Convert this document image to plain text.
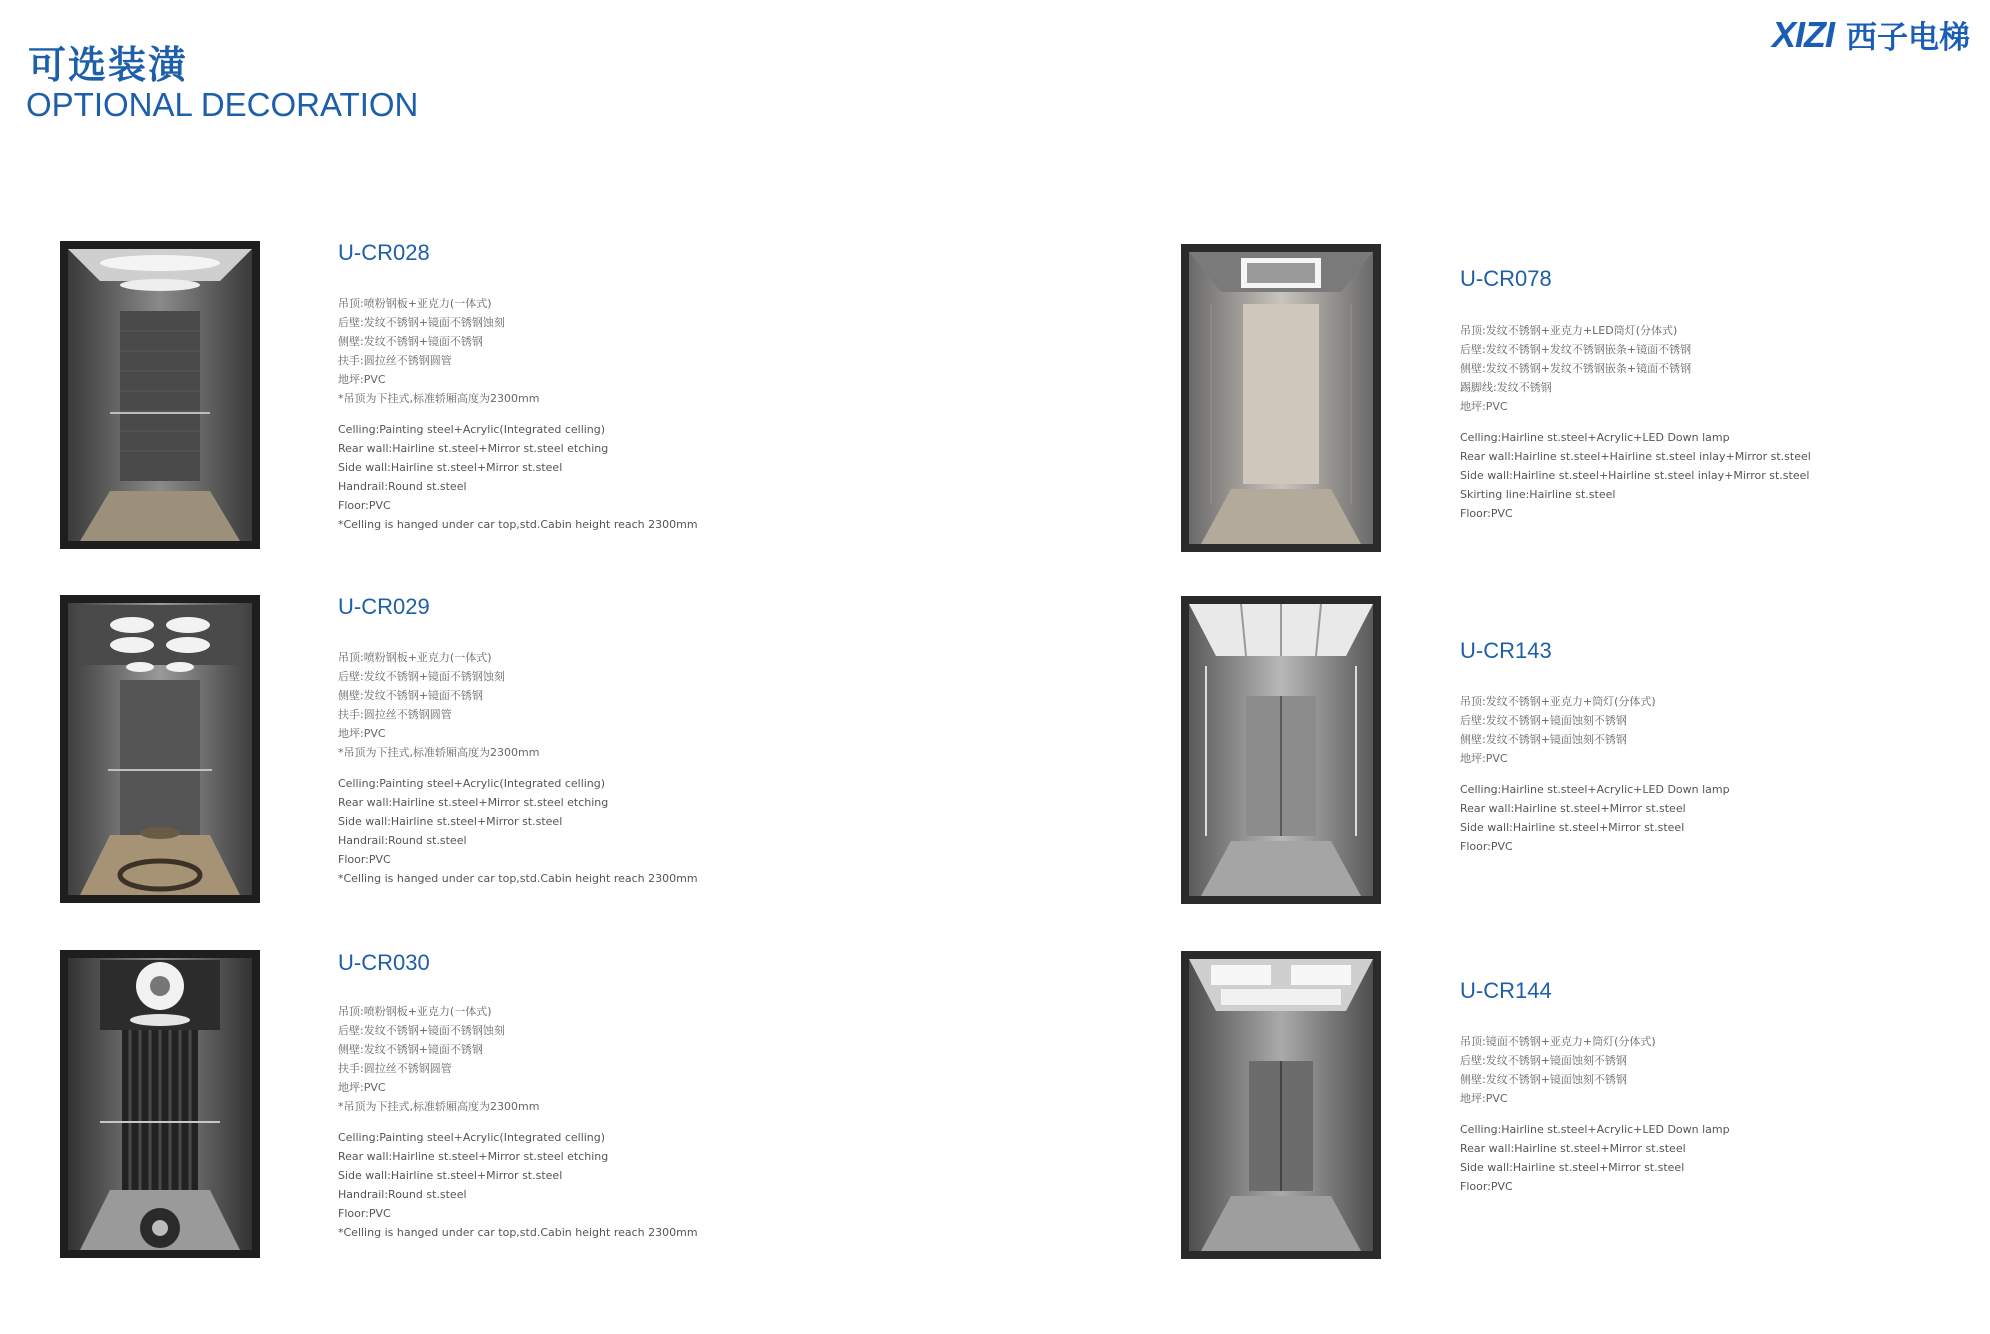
可选装潢
OPTIONAL DECORATION
XIZI 西子电梯
U-CR028
吊顶:喷粉钢板+亚克力(一体式)
后壁:发纹不锈钢+镜面不锈钢蚀刻
侧壁:发纹不锈钢+镜面不锈钢
扶手:圆拉丝不锈钢圆管
地坪:PVC
*吊顶为下挂式,标准轿厢高度为2300mm
Celling:Painting steel+Acrylic(Integrated celling)
Rear wall:Hairline st.steel+Mirror st.steel etching
Side wall:Hairline st.steel+Mirror st.steel
Handrail:Round st.steel
Floor:PVC
*Celling is hanged under car top,std.Cabin height reach 2300mm
U-CR029
吊顶:喷粉钢板+亚克力(一体式)
后壁:发纹不锈钢+镜面不锈钢蚀刻
侧壁:发纹不锈钢+镜面不锈钢
扶手:圆拉丝不锈钢圆管
地坪:PVC
*吊顶为下挂式,标准轿厢高度为2300mm
Celling:Painting steel+Acrylic(Integrated celling)
Rear wall:Hairline st.steel+Mirror st.steel etching
Side wall:Hairline st.steel+Mirror st.steel
Handrail:Round st.steel
Floor:PVC
*Celling is hanged under car top,std.Cabin height reach 2300mm
U-CR030
吊顶:喷粉钢板+亚克力(一体式)
后壁:发纹不锈钢+镜面不锈钢蚀刻
侧壁:发纹不锈钢+镜面不锈钢
扶手:圆拉丝不锈钢圆管
地坪:PVC
*吊顶为下挂式,标准轿厢高度为2300mm
Celling:Painting steel+Acrylic(Integrated celling)
Rear wall:Hairline st.steel+Mirror st.steel etching
Side wall:Hairline st.steel+Mirror st.steel
Handrail:Round st.steel
Floor:PVC
*Celling is hanged under car top,std.Cabin height reach 2300mm
U-CR078
吊顶:发纹不锈钢+亚克力+LED筒灯(分体式)
后壁:发纹不锈钢+发纹不锈钢嵌条+镜面不锈钢
侧壁:发纹不锈钢+发纹不锈钢嵌条+镜面不锈钢
踢脚线:发纹不锈钢
地坪:PVC
Celling:Hairline st.steel+Acrylic+LED Down lamp
Rear wall:Hairline st.steel+Hairline st.steel inlay+Mirror st.steel
Side wall:Hairline st.steel+Hairline st.steel inlay+Mirror st.steel
Skirting line:Hairline st.steel
Floor:PVC
U-CR143
吊顶:发纹不锈钢+亚克力+筒灯(分体式)
后壁:发纹不锈钢+镜面蚀刻不锈钢
侧壁:发纹不锈钢+镜面蚀刻不锈钢
地坪:PVC
Celling:Hairline st.steel+Acrylic+LED Down lamp
Rear wall:Hairline st.steel+Mirror st.steel
Side wall:Hairline st.steel+Mirror st.steel
Floor:PVC
U-CR144
吊顶:镜面不锈钢+亚克力+筒灯(分体式)
后壁:发纹不锈钢+镜面蚀刻不锈钢
侧壁:发纹不锈钢+镜面蚀刻不锈钢
地坪:PVC
Celling:Hairline st.steel+Acrylic+LED Down lamp
Rear wall:Hairline st.steel+Mirror st.steel
Side wall:Hairline st.steel+Mirror st.steel
Floor:PVC
